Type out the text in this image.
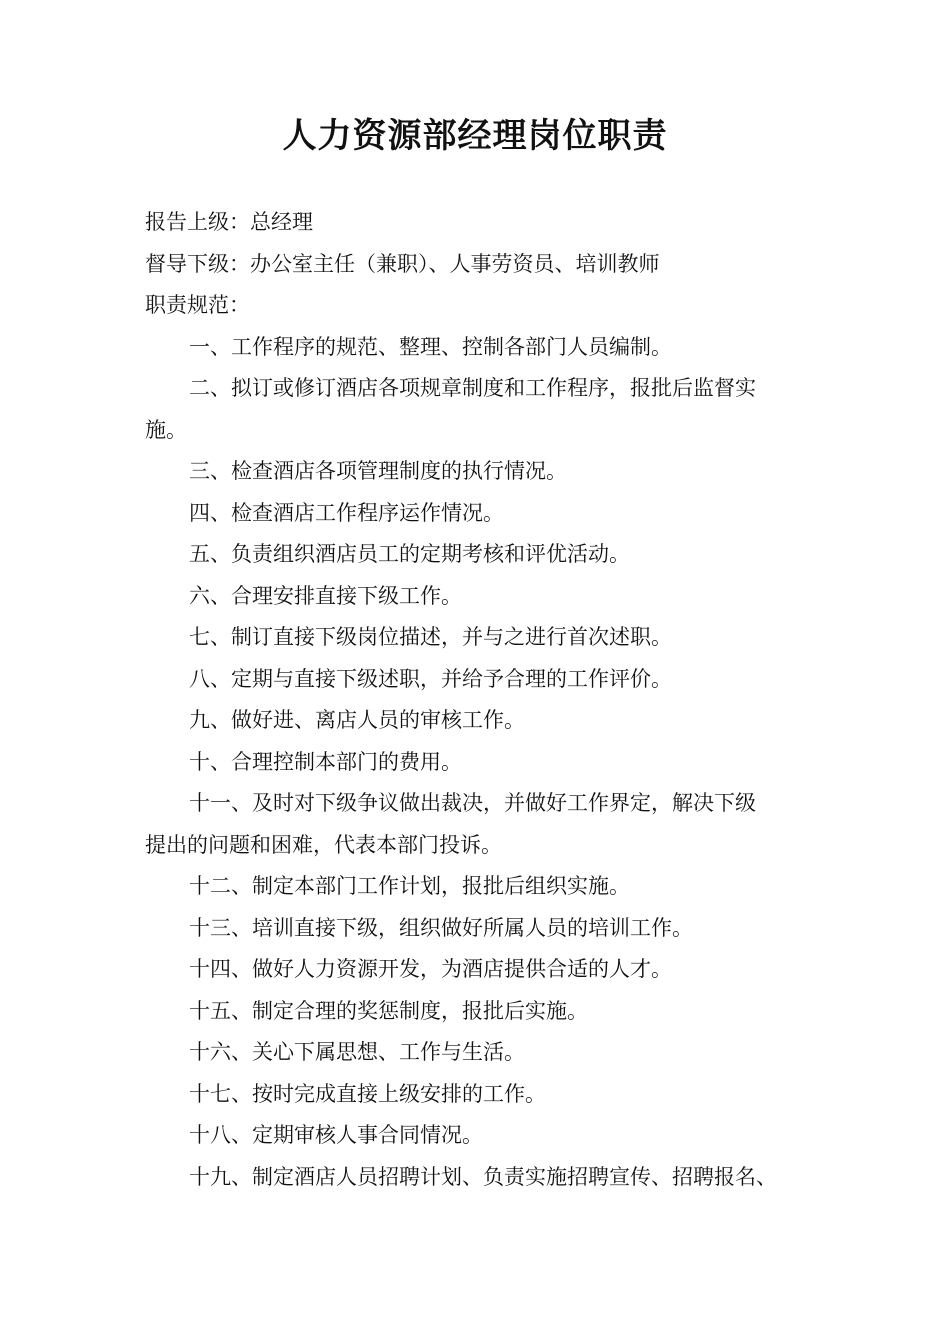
人力资源部经理岗位职责

报告上级：总经理

督导下级：办公室主任（兼职）、人事劳资员、培训教师

职责规范：

一、工作程序的规范、整理、控制各部门人员编制。

二、拟订或修订酒店各项规章制度和工作程序，报批后监督实

施。

三、检查酒店各项管理制度的执行情况。

四、检查酒店工作程序运作情况。

五、负责组织酒店员工的定期考核和评优活动。

六、合理安排直接下级工作。

七、制订直接下级岗位描述，并与之进行首次述职。

八、定期与直接下级述职，并给予合理的工作评价。

九、做好进、离店人员的审核工作。

十、合理控制本部门的费用。

十一、及时对下级争议做出裁决，并做好工作界定，解决下级

提出的问题和困难，代表本部门投诉。

十二、制定本部门工作计划，报批后组织实施。

十三、培训直接下级，组织做好所属人员的培训工作。

十四、做好人力资源开发，为酒店提供合适的人才。

十五、制定合理的奖惩制度，报批后实施。

十六、关心下属思想、工作与生活。

十七、按时完成直接上级安排的工作。

十八、定期审核人事合同情况。

十九、制定酒店人员招聘计划、负责实施招聘宣传、招聘报名、
